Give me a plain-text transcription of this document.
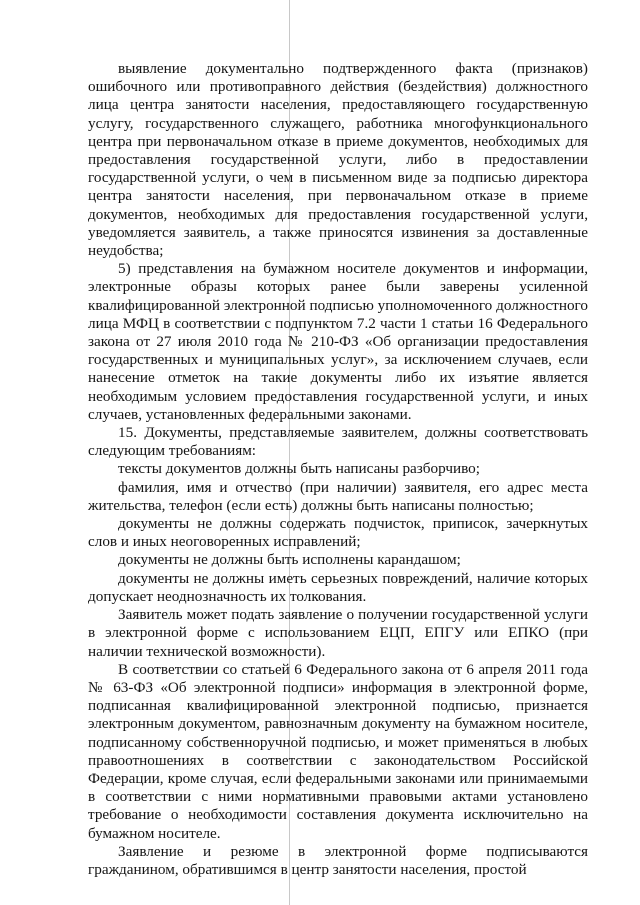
выявление документально подтвержденного факта (признаков) ошибочного или противоправного действия (бездействия) должностного лица центра занятости населения, предоставляющего государственную услугу, государственного служащего, работника многофункционального центра при первоначальном отказе в приеме документов, необходимых для предоставления государственной услуги, либо в предоставлении государственной услуги, о чем в письменном виде за подписью директора центра занятости населения, при первоначальном отказе в приеме документов, необходимых для предоставления государственной услуги, уведомляется заявитель, а также приносятся извинения за доставленные неудобства;

5) представления на бумажном носителе документов и информации, электронные образы которых ранее были заверены усиленной квалифицированной электронной подписью уполномоченного должностного лица МФЦ в соответствии с подпунктом 7.2 части 1 статьи 16 Федерального закона от 27 июля 2010 года № 210-ФЗ «Об организации предоставления государственных и муниципальных услуг», за исключением случаев, если нанесение отметок на такие документы либо их изъятие является необходимым условием предоставления государственной услуги, и иных случаев, установленных федеральными законами.

15. Документы, представляемые заявителем, должны соответствовать следующим требованиям:

тексты документов должны быть написаны разборчиво;

фамилия, имя и отчество (при наличии) заявителя, его адрес места жительства, телефон (если есть) должны быть написаны полностью;

документы не должны содержать подчисток, приписок, зачеркнутых слов и иных неоговоренных исправлений;

документы не должны быть исполнены карандашом;

документы не должны иметь серьезных повреждений, наличие которых допускает неоднозначность их толкования.

Заявитель может подать заявление о получении государственной услуги в электронной форме с использованием ЕЦП, ЕПГУ или ЕПКО (при наличии технической возможности).

В соответствии со статьей 6 Федерального закона от 6 апреля 2011 года № 63-ФЗ «Об электронной подписи» информация в электронной форме, подписанная квалифицированной электронной подписью, признается электронным документом, равнозначным документу на бумажном носителе, подписанному собственноручной подписью, и может применяться в любых правоотношениях в соответствии с законодательством Российской Федерации, кроме случая, если федеральными законами или принимаемыми в соответствии с ними нормативными правовыми актами установлено требование о необходимости составления документа исключительно на бумажном носителе.

Заявление и резюме в электронной форме подписываются гражданином, обратившимся в центр занятости населения, простой
